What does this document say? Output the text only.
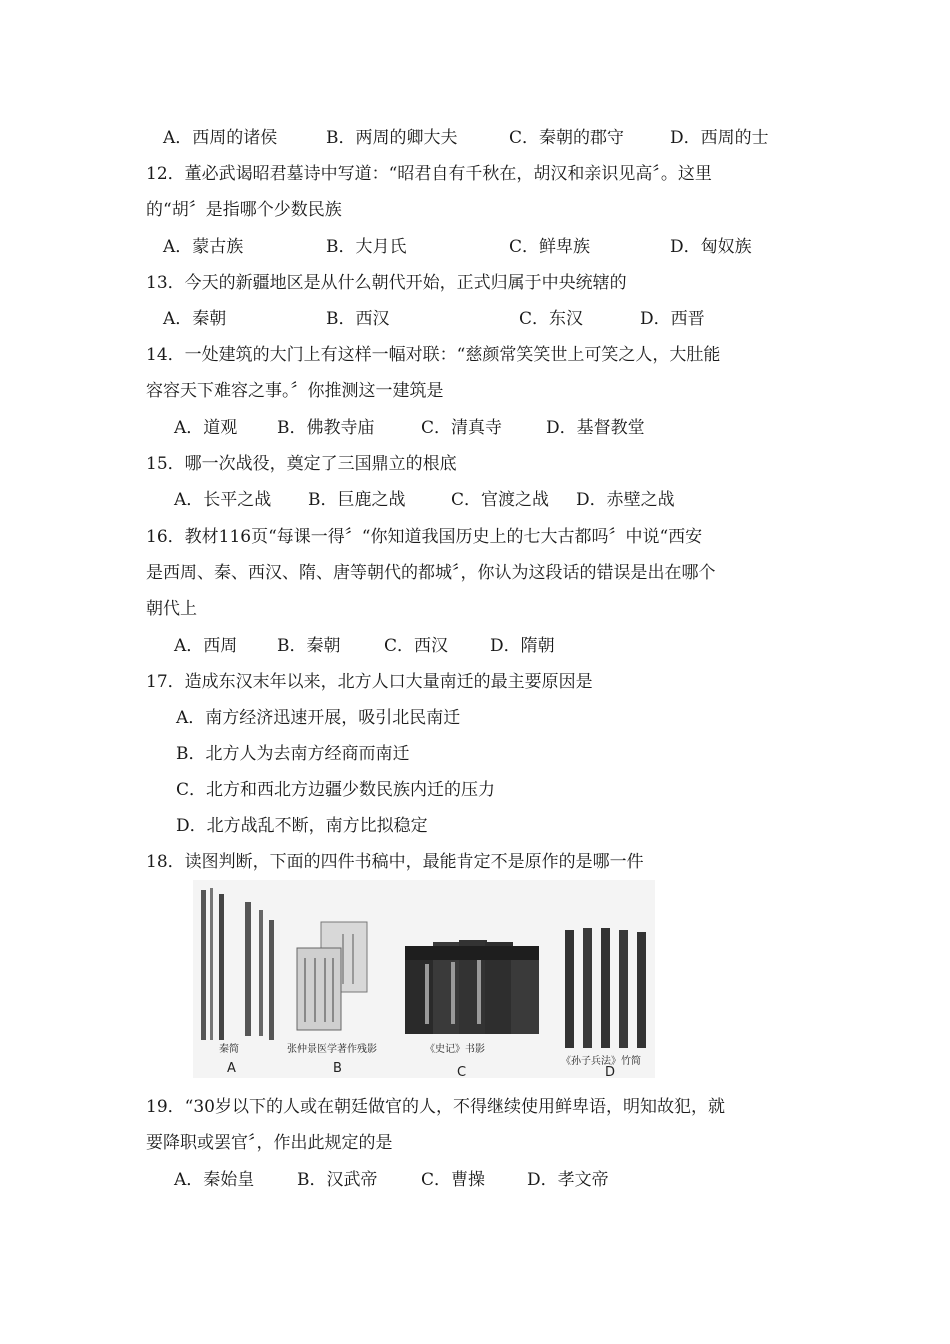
A．西周的诸侯	B．两周的卿大夫	C．秦朝的郡守	D．西周的士
12．董必武谒昭君墓诗中写道：“昭君自有千秋在，胡汉和亲识见高〞。这里
的“胡〞是指哪个少数民族
A．蒙古族	B．大月氏	C．鲜卑族	D．匈奴族
13．今天的新疆地区是从什么朝代开始，正式归属于中央统辖的
A．秦朝	B．西汉	C．东汉	D．西晋
14．一处建筑的大门上有这样一幅对联：“慈颜常笑笑世上可笑之人，大肚能
容容天下难容之事。〞你推测这一建筑是
A．道观 B．佛教寺庙	C．清真寺	D．基督教堂
15．哪一次战役，奠定了三国鼎立的根底
A．长平之战 B．巨鹿之战	C．官渡之战 D．赤壁之战
16．教材116页“每课一得〞“你知道我国历史上的七大古都吗〞中说“西安
是西周、秦、西汉、隋、唐等朝代的都城〞，你认为这段话的错误是出在哪个
朝代上
A．西周 B．秦朝	C．西汉 D．隋朝
17．造成东汉末年以来，北方人口大量南迁的最主要原因是
A．南方经济迅速开展，吸引北民南迁
B．北方人为去南方经商而南迁
C．北方和西北方边疆少数民族内迁的压力
D．北方战乱不断，南方比拟稳定
18．读图判断，下面的四件书稿中，最能肯定不是原作的是哪一件
秦简	张仲景医学著作残影	《史记》书影
《孙子兵法》竹简
A	B	C	D
19．“30岁以下的人或在朝廷做官的人，不得继续使用鲜卑语，明知故犯，就
要降职或罢官〞，作出此规定的是
A．秦始皇	B．汉武帝	C．曹操 D．孝文帝
